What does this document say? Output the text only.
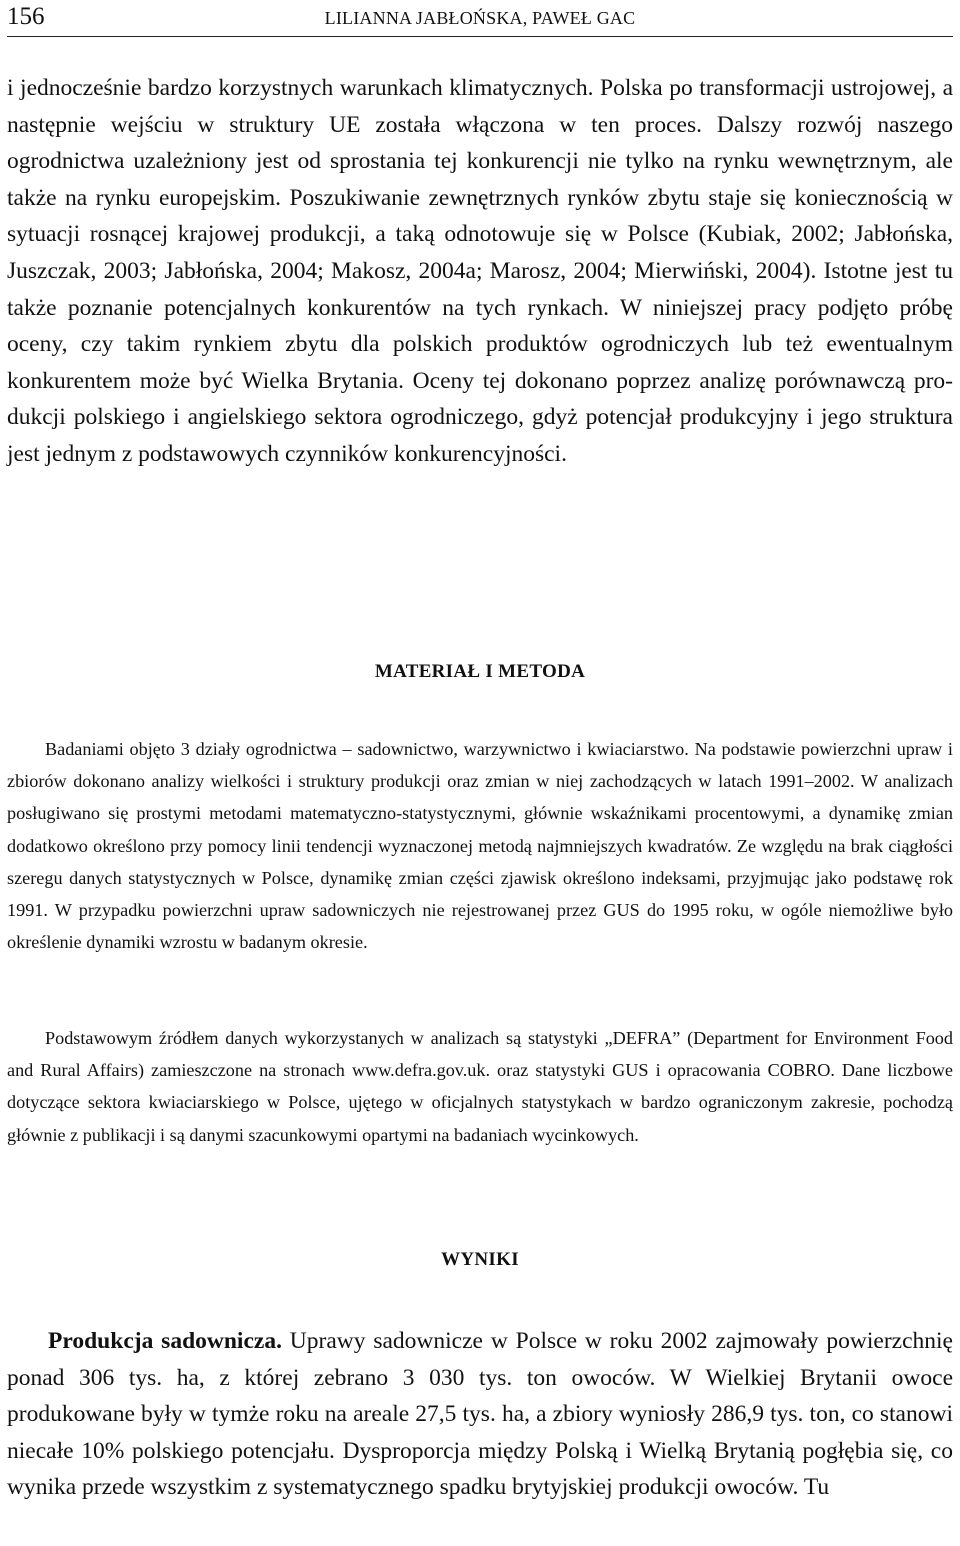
156	LILIANNA JABŁOŃSKA, PAWEŁ GAC

i jednocześnie bardzo korzystnych warunkach klimatycznych. Polska po transformacji ustrojowej, a następnie wejściu w struktury UE została włączona w ten proces. Dalszy rozwój naszego ogrodnictwa uzależniony jest od sprostania tej konkurencji nie tylko na rynku wewnętrznym, ale także na rynku europejskim. Poszukiwanie zewnętrznych rynków zbytu staje się koniecznością w sytuacji rosnącej krajowej produkcji, a taką odnotowuje się w Polsce (Kubiak, 2002; Jabłońska, Juszczak, 2003; Jabłońska, 2004; Makosz, 2004a; Marosz, 2004; Mierwiński, 2004). Istotne jest tu także poznanie potencjalnych konkurentów na tych rynkach. W niniejszej pracy podjęto próbę oceny, czy takim rynkiem zbytu dla polskich produktów ogrodniczych lub też ewentualnym konkurentem może być Wielka Brytania. Oceny tej dokonano poprzez analizę porównawczą produkcji polskiego i angielskiego sektora ogrodniczego, gdyż potencjał produkcyjny i jego struktura jest jednym z podstawowych czynników konkurencyjności.

MATERIAŁ I METODA

Badaniami objęto 3 działy ogrodnictwa – sadownictwo, warzywnictwo i kwiaciarstwo. Na podstawie powierzchni upraw i zbiorów dokonano analizy wielkości i struktury produkcji oraz zmian w niej zachodzących w latach 1991–2002. W analizach posługiwano się prostymi metodami matematyczno-statystycznymi, głównie wskaźnikami procentowymi, a dynamikę zmian dodatkowo określono przy pomocy linii tendencji wyznaczonej metodą najmniejszych kwadratów. Ze względu na brak ciągłości szeregu danych statystycznych w Polsce, dynamikę zmian części zjawisk określono indeksami, przyjmując jako podstawę rok 1991. W przypadku powierzchni upraw sadowniczych nie rejestrowanej przez GUS do 1995 roku, w ogóle niemożliwe było określenie dynamiki wzrostu w badanym okresie.

Podstawowym źródłem danych wykorzystanych w analizach są statystyki „DEFRA” (Department for Environment Food and Rural Affairs) zamieszczone na stronach www.defra.gov.uk. oraz statystyki GUS i opracowania COBRO. Dane liczbowe dotyczące sektora kwiaciarskiego w Polsce, ujętego w oficjalnych statystykach w bardzo ograniczonym zakresie, pochodzą głównie z publikacji i są danymi szacunkowymi opartymi na badaniach wycinkowych.

WYNIKI

Produkcja sadownicza. Uprawy sadownicze w Polsce w roku 2002 zajmowały powierzchnię ponad 306 tys. ha, z której zebrano 3 030 tys. ton owoców. W Wielkiej Brytanii owoce produkowane były w tymże roku na areale 27,5 tys. ha, a zbiory wyniosły 286,9 tys. ton, co stanowi niecałe 10% polskiego potencjału. Dysproporcja między Polską i Wielką Brytanią pogłębia się, co wynika przede wszystkim z systematycznego spadku brytyjskiej produkcji owoców. Tu
